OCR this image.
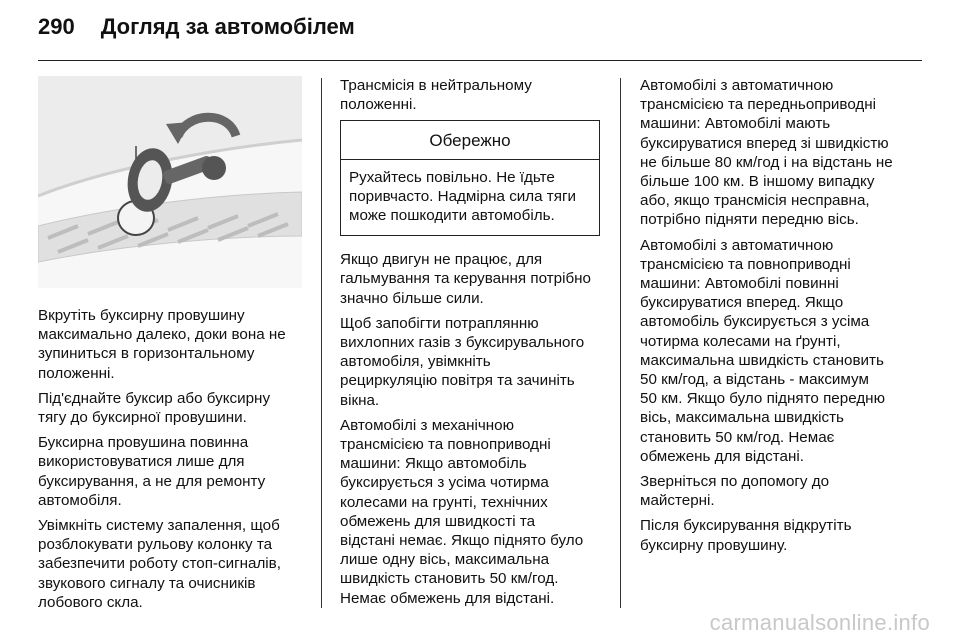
290 Догляд за автомобілем

Вкрутіть буксирну провушину
максимально далеко, доки вона не
зупиниться в горизонтальному
положенні.

Під'єднайте буксир або буксирну
тягу до буксирної провушини.

Буксирна провушина повинна
використовуватися лише для
буксирування, а не для ремонту
автомобіля.

Увімкніть систему запалення, щоб
розблокувати рульову колонку та
забезпечити роботу стоп-сигналів,
звукового сигналу та очисників
лобового скла.

Трансмісія в нейтральному
положенні.

Обережно
Рухайтесь повільно. Не їдьте
поривчасто. Надмірна сила тяги
може пошкодити автомобіль.

Якщо двигун не працює, для
гальмування та керування потрібно
значно більше сили.

Щоб запобігти потраплянню
вихлопних газів з буксирувального
автомобіля, увімкніть
рециркуляцію повітря та зачиніть
вікна.

Автомобілі з механічною
трансмісією та повноприводні
машини: Якщо автомобіль
буксирується з усіма чотирма
колесами на грунті, технічних
обмежень для швидкості та
відстані немає. Якщо піднято було
лише одну вісь, максимальна
швидкість становить 50 км/год.
Немає обмежень для відстані.

Автомобілі з автоматичною
трансмісією та передньоприводні
машини: Автомобілі мають
буксируватися вперед зі швидкістю
не більше 80 км/год і на відстань не
більше 100 км. В іншому випадку
або, якщо трансмісія несправна,
потрібно підняти передню вісь.

Автомобілі з автоматичною
трансмісією та повноприводні
машини: Автомобілі повинні
буксируватися вперед. Якщо
автомобіль буксирується з усіма
чотирма колесами на ґрунті,
максимальна швидкість становить
50 км/год, а відстань - максимум
50 км. Якщо було піднято передню
вісь, максимальна швидкість
становить 50 км/год. Немає
обмежень для відстані.

Зверніться по допомогу до
майстерні.

Після буксирування відкрутіть
буксирну провушину.

carmanualsonline.info
